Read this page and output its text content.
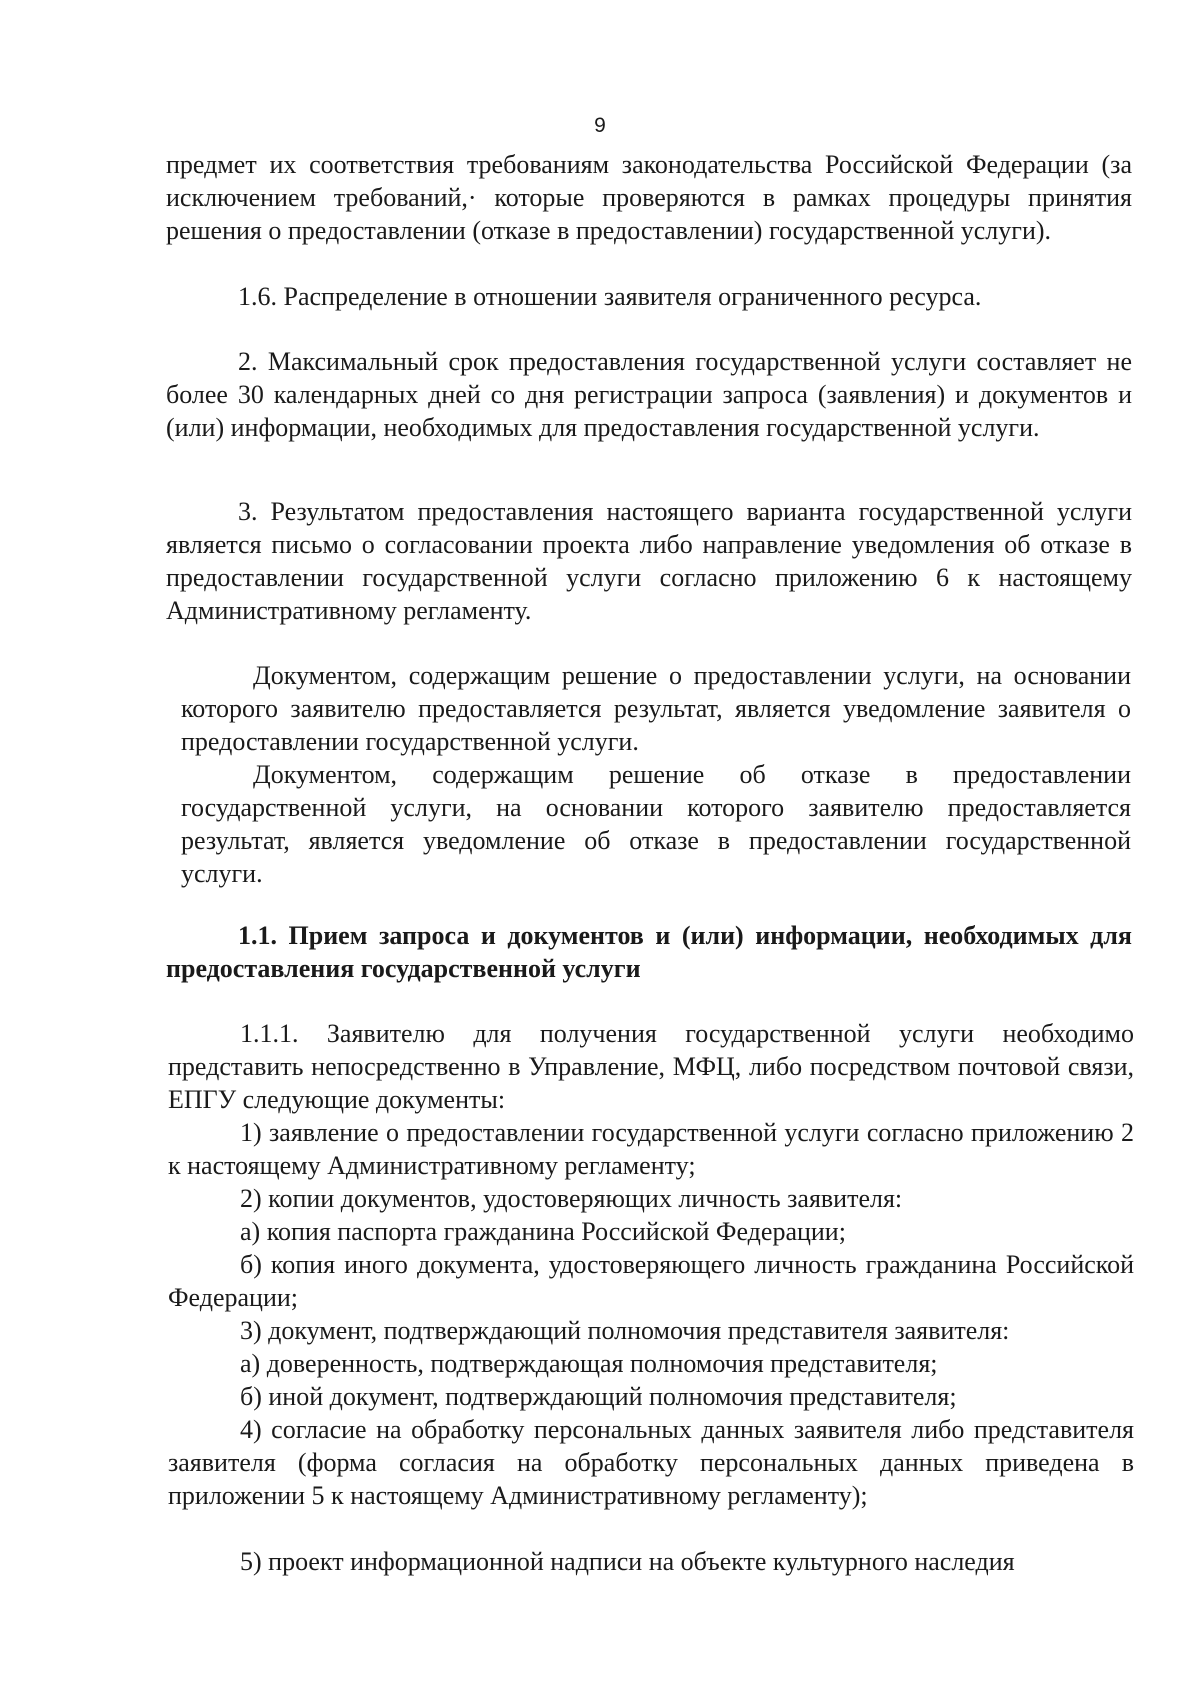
9

предмет их соответствия требованиям законодательства Российской Федерации (за исключением требований,· которые проверяются в рамках процедуры принятия решения о предоставлении (отказе в предоставлении) государственной услуги).

1.6. Распределение в отношении заявителя ограниченного ресурса.

2. Максимальный срок предоставления государственной услуги составляет не более 30 календарных дней со дня регистрации запроса (заявления) и документов и (или) информации, необходимых для предоставления государственной услуги.

3. Результатом предоставления настоящего варианта государственной услуги является письмо о согласовании проекта либо направление уведомления об отказе в предоставлении государственной услуги согласно приложению 6 к настоящему Административному регламенту.

Документом, содержащим решение о предоставлении услуги, на основании которого заявителю предоставляется результат, является уведомление заявителя о предоставлении государственной услуги.

Документом, содержащим решение об отказе в предоставлении государственной услуги, на основании которого заявителю предоставляется результат, является уведомление об отказе в предоставлении государственной услуги.

1.1. Прием запроса и документов и (или) информации, необходимых для предоставления государственной услуги

1.1.1. Заявителю для получения государственной услуги необходимо представить непосредственно в Управление, МФЦ, либо посредством почтовой связи, ЕПГУ следующие документы:

1) заявление о предоставлении государственной услуги согласно приложению 2 к настоящему Административному регламенту;

2) копии документов, удостоверяющих личность заявителя:

а) копия паспорта гражданина Российской Федерации;

б) копия иного документа, удостоверяющего личность гражданина Российской Федерации;

3) документ, подтверждающий полномочия представителя заявителя:

а) доверенность, подтверждающая полномочия представителя;

б) иной документ, подтверждающий полномочия представителя;

4) согласие на обработку персональных данных заявителя либо представителя заявителя (форма согласия на обработку персональных данных приведена в приложении 5 к настоящему Административному регламенту);

5) проект информационной надписи на объекте культурного наследия
